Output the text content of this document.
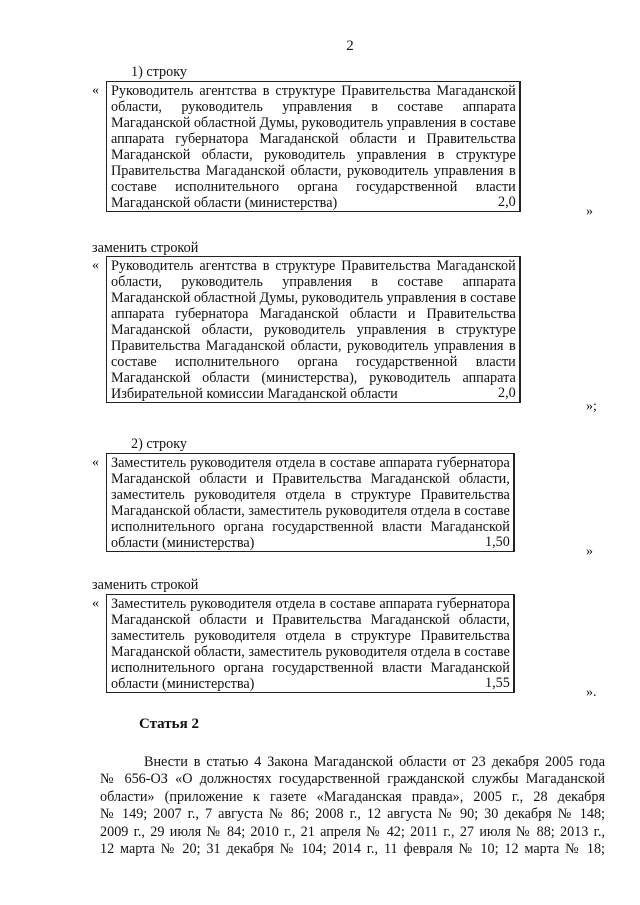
2
1) строку
« Руководитель агентства в структуре Правительства Магаданской
области, руководитель управления в составе аппарата
Магаданской областной Думы, руководитель управления в составе
аппарата губернатора Магаданской области и Правительства
Магаданской области, руководитель управления в структуре
Правительства Магаданской области, руководитель управления в
составе исполнительного органа государственной власти
Магаданской области (министерства)	2,0
»
заменить строкой
« Руководитель агентства в структуре Правительства Магаданской
области, руководитель управления в составе аппарата
Магаданской областной Думы, руководитель управления в составе
аппарата губернатора Магаданской области и Правительства
Магаданской области, руководитель управления в структуре
Правительства Магаданской области, руководитель управления в
составе исполнительного органа государственной власти
Магаданской области (министерства), руководитель аппарата
Избирательной комиссии Магаданской области	2,0
»;
2) строку
« Заместитель руководителя отдела в составе аппарата губернатора
Магаданской области и Правительства Магаданской области,
заместитель руководителя отдела в структуре Правительства
Магаданской области, заместитель руководителя отдела в составе
исполнительного органа государственной власти Магаданской
области (министерства)	1,50
»
заменить строкой
« Заместитель руководителя отдела в составе аппарата губернатора
Магаданской области и Правительства Магаданской области,
заместитель руководителя отдела в структуре Правительства
Магаданской области, заместитель руководителя отдела в составе
исполнительного органа государственной власти Магаданской
области (министерства)	1,55
».
Статья 2
Внести в статью 4 Закона Магаданской области от 23 декабря 2005 года
№ 656-ОЗ «О должностях государственной гражданской службы Магаданской
области» (приложение к газете «Магаданская правда», 2005 г., 28 декабря
№ 149; 2007 г., 7 августа № 86; 2008 г., 12 августа № 90; 30 декабря № 148;
2009 г., 29 июля № 84; 2010 г., 21 апреля № 42; 2011 г., 27 июля № 88; 2013 г.,
12 марта № 20; 31 декабря № 104; 2014 г., 11 февраля № 10; 12 марта № 18;
